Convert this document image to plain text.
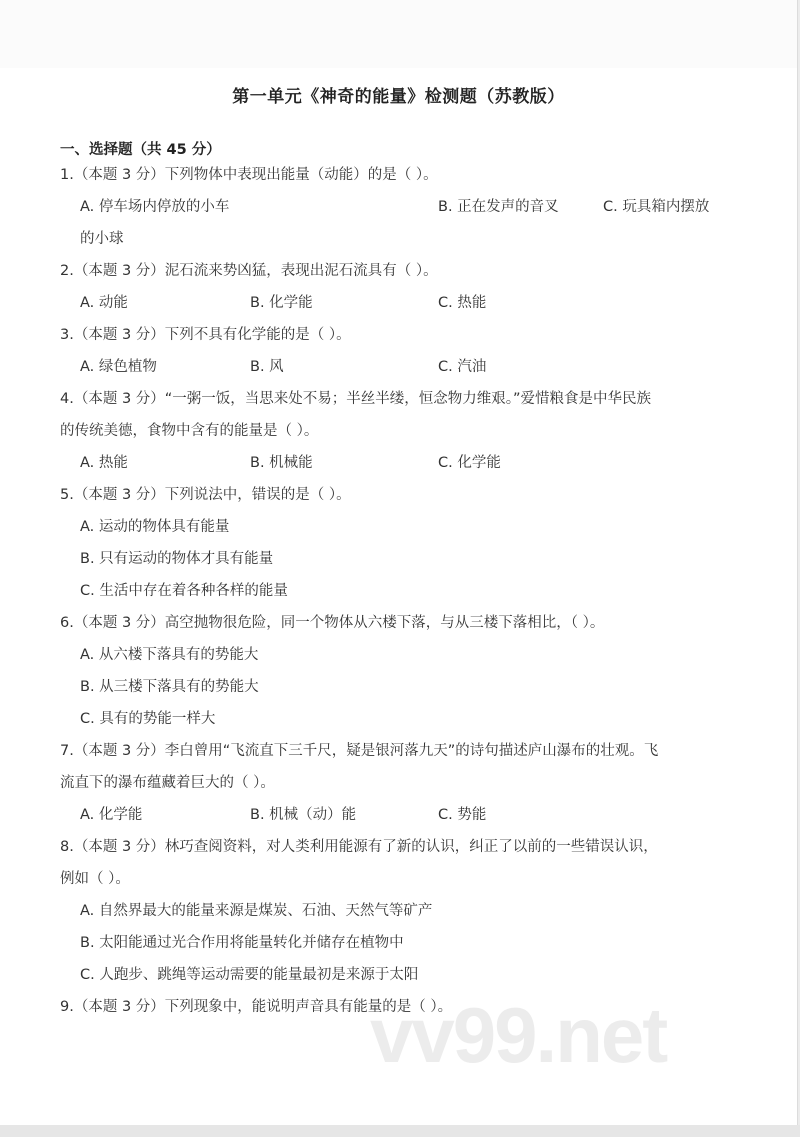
第一单元《神奇的能量》检测题（苏教版）
一、选择题（共 45 分）
1.（本题 3 分）下列物体中表现出能量（动能）的是（ ）。
A. 停车场内停放的小车	B. 正在发声的音叉	C. 玩具箱内摆放
的小球
2.（本题 3 分）泥石流来势凶猛，表现出泥石流具有（ ）。
A. 动能	B. 化学能	C. 热能
3.（本题 3 分）下列不具有化学能的是（ ）。
A. 绿色植物	B. 风	C. 汽油
4.（本题 3 分）“一粥一饭，当思来处不易；半丝半缕，恒念物力维艰。”爱惜粮食是中华民族
的传统美德，食物中含有的能量是（ ）。
A. 热能	B. 机械能	C. 化学能
5.（本题 3 分）下列说法中，错误的是（ ）。
A. 运动的物体具有能量
B. 只有运动的物体才具有能量
C. 生活中存在着各种各样的能量
6.（本题 3 分）高空抛物很危险，同一个物体从六楼下落，与从三楼下落相比，（ ）。
A. 从六楼下落具有的势能大
B. 从三楼下落具有的势能大
C. 具有的势能一样大
7.（本题 3 分）李白曾用“飞流直下三千尺，疑是银河落九天”的诗句描述庐山瀑布的壮观。飞
流直下的瀑布蕴藏着巨大的（ ）。
A. 化学能	B. 机械（动）能	C. 势能
8.（本题 3 分）林巧查阅资料，对人类利用能源有了新的认识，纠正了以前的一些错误认识，
例如（ ）。
A. 自然界最大的能量来源是煤炭、石油、天然气等矿产
B. 太阳能通过光合作用将能量转化并储存在植物中
C. 人跑步、跳绳等运动需要的能量最初是来源于太阳
vv99.net
9.（本题 3 分）下列现象中，能说明声音具有能量的是（ ）。
